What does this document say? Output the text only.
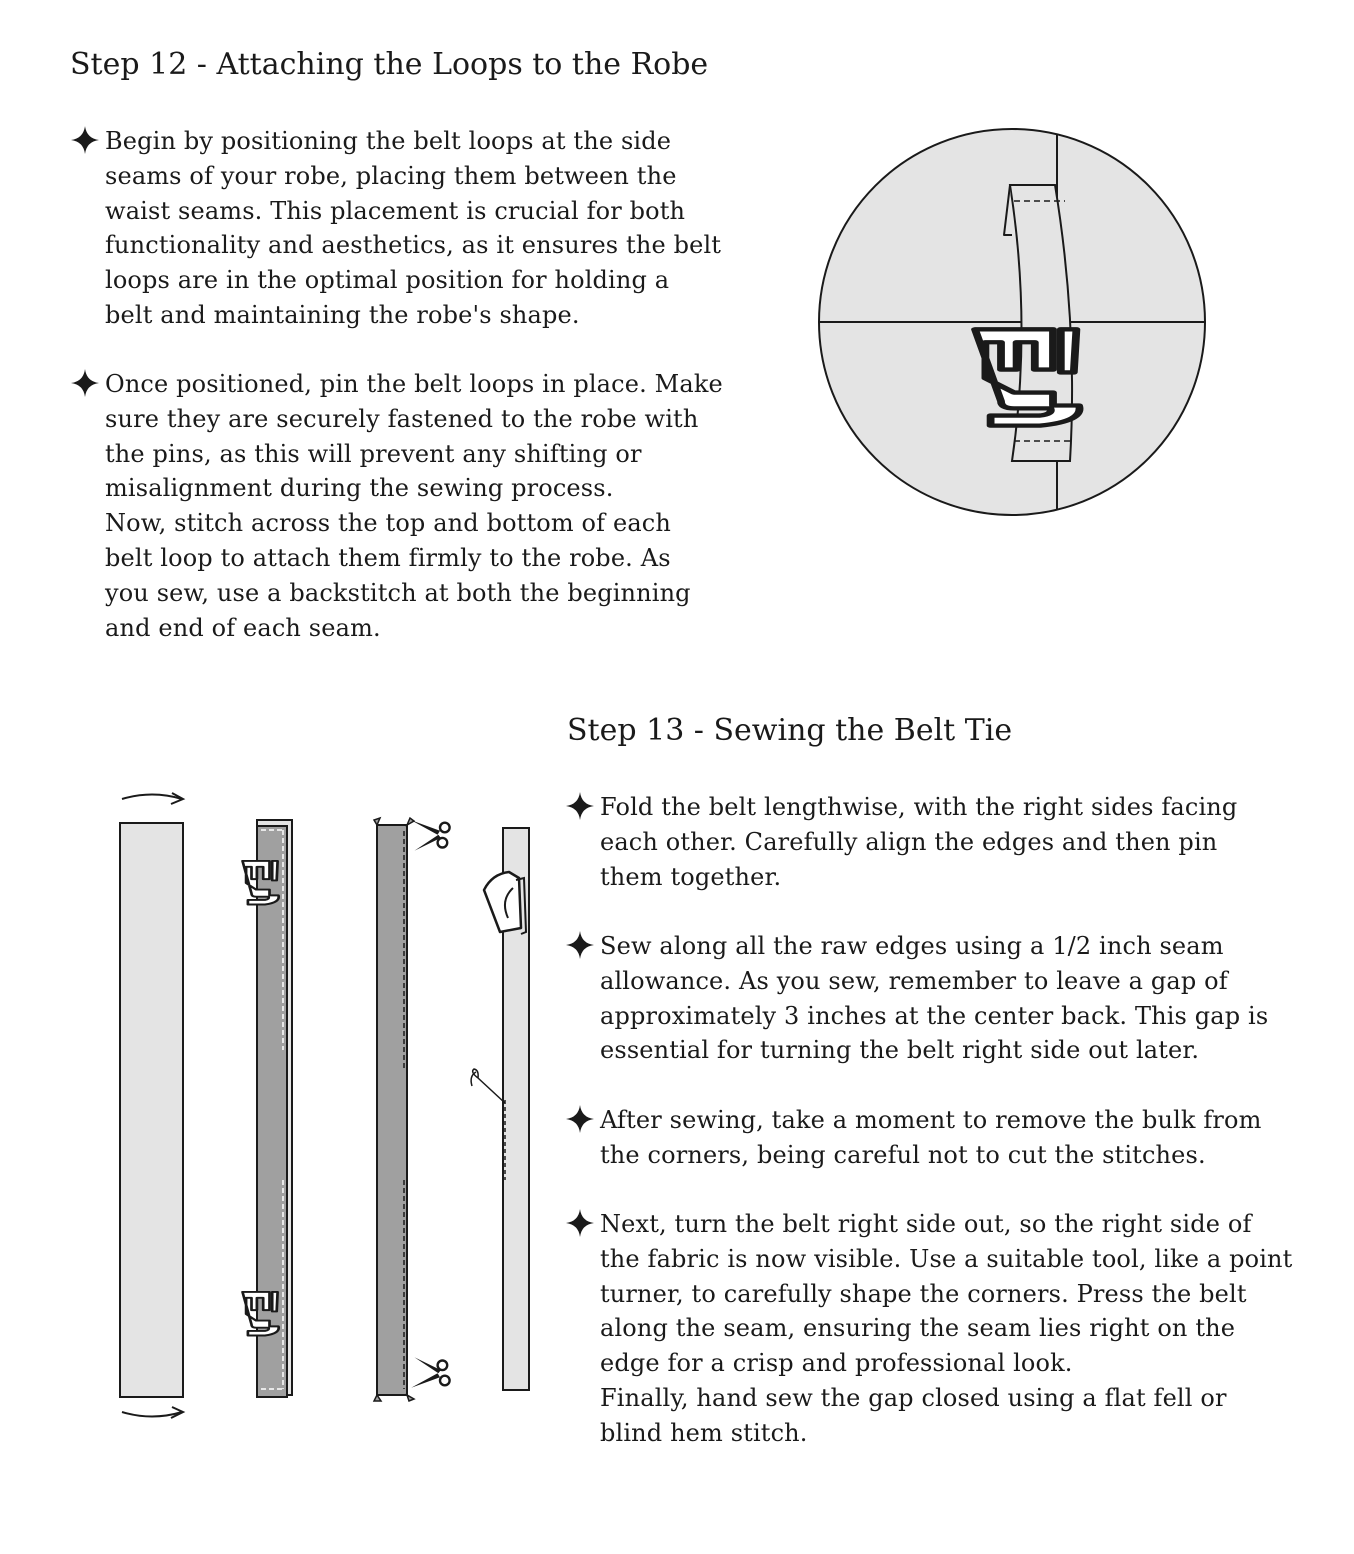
Step 12 - Attaching the Loops to the Robe

Begin by positioning the belt loops at the side
seams of your robe, placing them between the
waist seams. This placement is crucial for both
functionality and aesthetics, as it ensures the belt
loops are in the optimal position for holding a
belt and maintaining the robe's shape.

Once positioned, pin the belt loops in place. Make
sure they are securely fastened to the robe with
the pins, as this will prevent any shifting or
misalignment during the sewing process.
Now, stitch across the top and bottom of each
belt loop to attach them firmly to the robe. As
you sew, use a backstitch at both the beginning
and end of each seam.

Step 13 - Sewing the Belt Tie

Fold the belt lengthwise, with the right sides facing
each other. Carefully align the edges and then pin
them together.

Sew along all the raw edges using a 1/2 inch seam
allowance. As you sew, remember to leave a gap of
approximately 3 inches at the center back. This gap is
essential for turning the belt right side out later.

After sewing, take a moment to remove the bulk from
the corners, being careful not to cut the stitches.

Next, turn the belt right side out, so the right side of
the fabric is now visible. Use a suitable tool, like a point
turner, to carefully shape the corners. Press the belt
along the seam, ensuring the seam lies right on the
edge for a crisp and professional look.
Finally, hand sew the gap closed using a flat fell or
blind hem stitch.
